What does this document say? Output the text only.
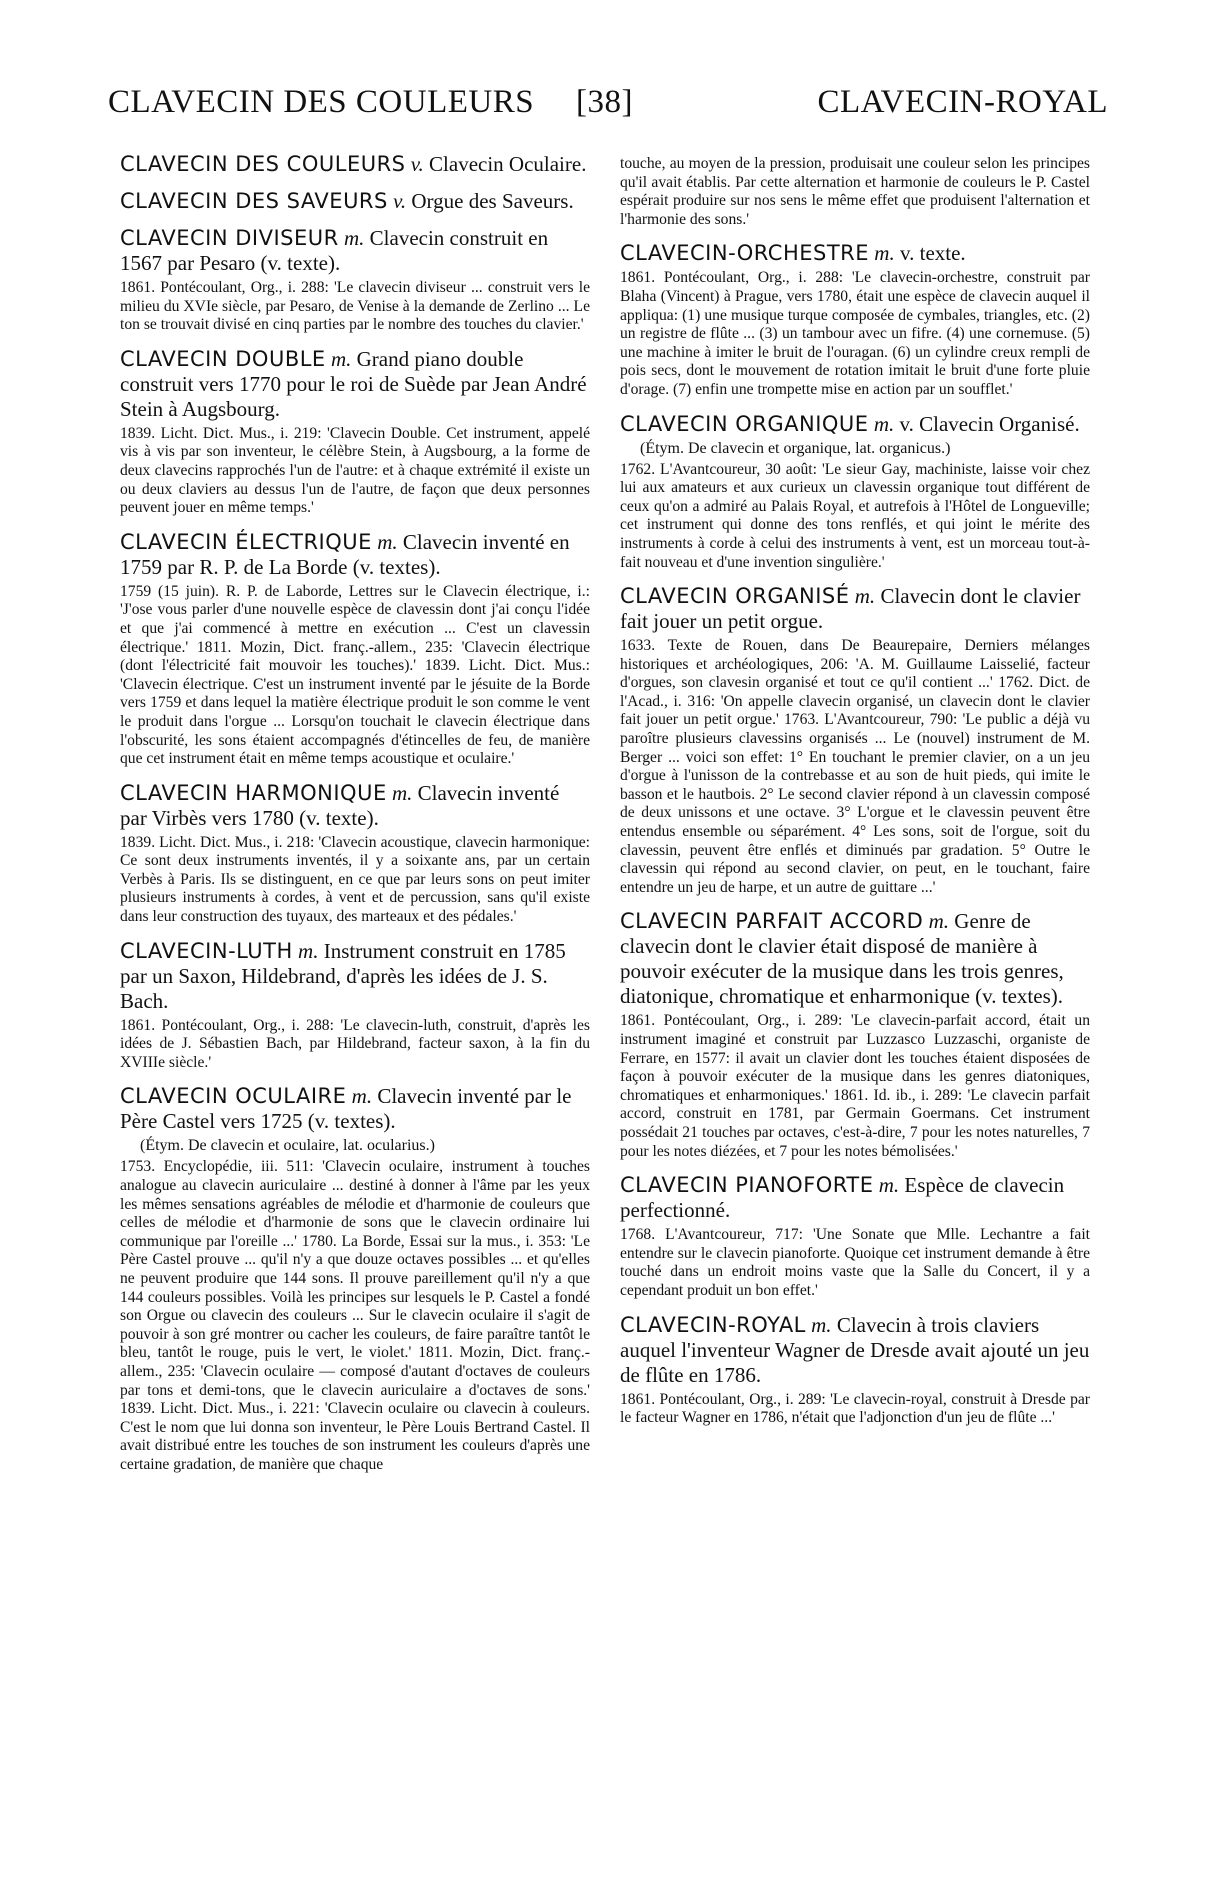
CLAVECIN DES COULEURS [38]	CLAVECIN-ROYAL

CLAVECIN DES COULEURS v. Clavecin Oculaire.

CLAVECIN DES SAVEURS v. Orgue des Saveurs.

CLAVECIN DIVISEUR m. Clavecin construit en 1567 par Pesaro (v. texte).

1861. Pontécoulant, Org., i. 288: 'Le clavecin diviseur ... construit vers le milieu du XVIe siècle, par Pesaro, de Venise à la demande de Zerlino ... Le ton se trouvait divisé en cinq parties par le nombre des touches du clavier.'

CLAVECIN DOUBLE m. Grand piano double construit vers 1770 pour le roi de Suède par Jean André Stein à Augsbourg.

1839. Licht. Dict. Mus., i. 219: 'Clavecin Double. Cet instrument, appelé vis à vis par son inventeur, le célèbre Stein, à Augsbourg, a la forme de deux clavecins rapprochés l'un de l'autre: et à chaque extrémité il existe un ou deux claviers au dessus l'un de l'autre, de façon que deux personnes peuvent jouer en même temps.'

CLAVECIN ÉLECTRIQUE m. Clavecin inventé en 1759 par R. P. de La Borde (v. textes).

1759 (15 juin). R. P. de Laborde, Lettres sur le Clavecin électrique, i.: 'J'ose vous parler d'une nouvelle espèce de clavessin dont j'ai conçu l'idée et que j'ai commencé à mettre en exécution ... C'est un clavessin électrique.' 1811. Mozin, Dict. franç.-allem., 235: 'Clavecin électrique (dont l'électricité fait mouvoir les touches).' 1839. Licht. Dict. Mus.: 'Clavecin électrique. C'est un instrument inventé par le jésuite de la Borde vers 1759 et dans lequel la matière électrique produit le son comme le vent le produit dans l'orgue ... Lorsqu'on touchait le clavecin électrique dans l'obscurité, les sons étaient accompagnés d'étincelles de feu, de manière que cet instrument était en même temps acoustique et oculaire.'

CLAVECIN HARMONIQUE m. Clavecin inventé par Virbès vers 1780 (v. texte).

1839. Licht. Dict. Mus., i. 218: 'Clavecin acoustique, clavecin harmonique: Ce sont deux instruments inventés, il y a soixante ans, par un certain Verbès à Paris. Ils se distinguent, en ce que par leurs sons on peut imiter plusieurs instruments à cordes, à vent et de percussion, sans qu'il existe dans leur construction des tuyaux, des marteaux et des pédales.'

CLAVECIN-LUTH m. Instrument construit en 1785 par un Saxon, Hildebrand, d'après les idées de J. S. Bach.

1861. Pontécoulant, Org., i. 288: 'Le clavecin-luth, construit, d'après les idées de J. Sébastien Bach, par Hildebrand, facteur saxon, à la fin du XVIIIe siècle.'

CLAVECIN OCULAIRE m. Clavecin inventé par le Père Castel vers 1725 (v. textes).

(Étym. De clavecin et oculaire, lat. ocularius.)

1753. Encyclopédie, iii. 511: 'Clavecin oculaire, instrument à touches analogue au clavecin auriculaire ... destiné à donner à l'âme par les yeux les mêmes sensations agréables de mélodie et d'harmonie de couleurs que celles de mélodie et d'harmonie de sons que le clavecin ordinaire lui communique par l'oreille ...' 1780. La Borde, Essai sur la mus., i. 353: 'Le Père Castel prouve ... qu'il n'y a que douze octaves possibles ... et qu'elles ne peuvent produire que 144 sons. Il prouve pareillement qu'il n'y a que 144 couleurs possibles. Voilà les principes sur lesquels le P. Castel a fondé son Orgue ou clavecin des couleurs ... Sur le clavecin oculaire il s'agit de pouvoir à son gré montrer ou cacher les couleurs, de faire paraître tantôt le bleu, tantôt le rouge, puis le vert, le violet.' 1811. Mozin, Dict. franç.-allem., 235: 'Clavecin oculaire — composé d'autant d'octaves de couleurs par tons et demi-tons, que le clavecin auriculaire a d'octaves de sons.' 1839. Licht. Dict. Mus., i. 221: 'Clavecin oculaire ou clavecin à couleurs. C'est le nom que lui donna son inventeur, le Père Louis Bertrand Castel. Il avait distribué entre les touches de son instrument les couleurs d'après une certaine gradation, de manière que chaque

touche, au moyen de la pression, produisait une couleur selon les principes qu'il avait établis. Par cette alternation et harmonie de couleurs le P. Castel espérait produire sur nos sens le même effet que produisent l'alternation et l'harmonie des sons.'

CLAVECIN-ORCHESTRE m. v. texte.

1861. Pontécoulant, Org., i. 288: 'Le clavecin-orchestre, construit par Blaha (Vincent) à Prague, vers 1780, était une espèce de clavecin auquel il appliqua: (1) une musique turque composée de cymbales, triangles, etc. (2) un registre de flûte ... (3) un tambour avec un fifre. (4) une cornemuse. (5) une machine à imiter le bruit de l'ouragan. (6) un cylindre creux rempli de pois secs, dont le mouvement de rotation imitait le bruit d'une forte pluie d'orage. (7) enfin une trompette mise en action par un soufflet.'

CLAVECIN ORGANIQUE m. v. Clavecin Organisé.

(Étym. De clavecin et organique, lat. organicus.)

1762. L'Avantcoureur, 30 août: 'Le sieur Gay, machiniste, laisse voir chez lui aux amateurs et aux curieux un clavessin organique tout différent de ceux qu'on a admiré au Palais Royal, et autrefois à l'Hôtel de Longueville; cet instrument qui donne des tons renflés, et qui joint le mérite des instruments à corde à celui des instruments à vent, est un morceau tout-à-fait nouveau et d'une invention singulière.'

CLAVECIN ORGANISÉ m. Clavecin dont le clavier fait jouer un petit orgue.

1633. Texte de Rouen, dans De Beaurepaire, Derniers mélanges historiques et archéologiques, 206: 'A. M. Guillaume Laisselié, facteur d'orgues, son clavesin organisé et tout ce qu'il contient ...' 1762. Dict. de l'Acad., i. 316: 'On appelle clavecin organisé, un clavecin dont le clavier fait jouer un petit orgue.' 1763. L'Avantcoureur, 790: 'Le public a déjà vu paroître plusieurs clavessins organisés ... Le (nouvel) instrument de M. Berger ... voici son effet: 1° En touchant le premier clavier, on a un jeu d'orgue à l'unisson de la contrebasse et au son de huit pieds, qui imite le basson et le hautbois. 2° Le second clavier répond à un clavessin composé de deux unissons et une octave. 3° L'orgue et le clavessin peuvent être entendus ensemble ou séparément. 4° Les sons, soit de l'orgue, soit du clavessin, peuvent être enflés et diminués par gradation. 5° Outre le clavessin qui répond au second clavier, on peut, en le touchant, faire entendre un jeu de harpe, et un autre de guittare ...'

CLAVECIN PARFAIT ACCORD m. Genre de clavecin dont le clavier était disposé de manière à pouvoir exécuter de la musique dans les trois genres, diatonique, chromatique et enharmonique (v. textes).

1861. Pontécoulant, Org., i. 289: 'Le clavecin-parfait accord, était un instrument imaginé et construit par Luzzasco Luzzaschi, organiste de Ferrare, en 1577: il avait un clavier dont les touches étaient disposées de façon à pouvoir exécuter de la musique dans les genres diatoniques, chromatiques et enharmoniques.' 1861. Id. ib., i. 289: 'Le clavecin parfait accord, construit en 1781, par Germain Goermans. Cet instrument possédait 21 touches par octaves, c'est-à-dire, 7 pour les notes naturelles, 7 pour les notes diézées, et 7 pour les notes bémolisées.'

CLAVECIN PIANOFORTE m. Espèce de clavecin perfectionné.

1768. L'Avantcoureur, 717: 'Une Sonate que Mlle. Lechantre a fait entendre sur le clavecin pianoforte. Quoique cet instrument demande à être touché dans un endroit moins vaste que la Salle du Concert, il y a cependant produit un bon effet.'

CLAVECIN-ROYAL m. Clavecin à trois claviers auquel l'inventeur Wagner de Dresde avait ajouté un jeu de flûte en 1786.

1861. Pontécoulant, Org., i. 289: 'Le clavecin-royal, construit à Dresde par le facteur Wagner en 1786, n'était que l'adjonction d'un jeu de flûte ...'
